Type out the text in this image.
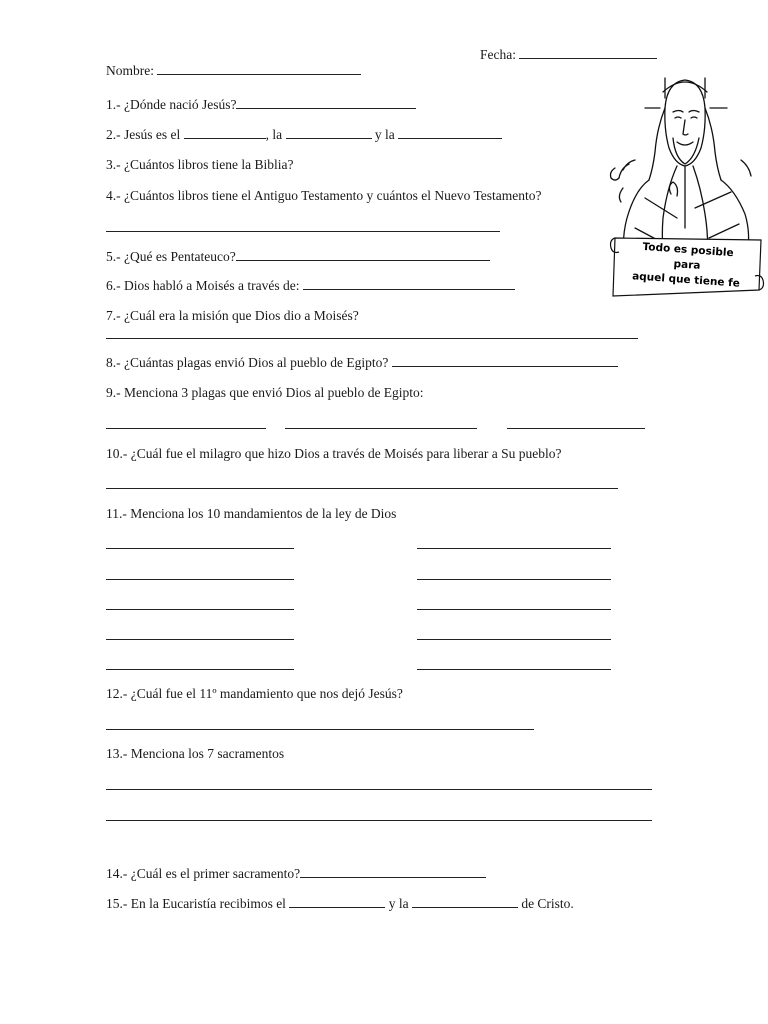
Fecha:
Nombre:
1.- ¿Dónde nació Jesús?
2.- Jesús es el	, la	y la
3.- ¿Cuántos libros tiene la Biblia?
4.- ¿Cuántos libros tiene el Antiguo Testamento y cuántos el Nuevo Testamento?
5.- ¿Qué es Pentateuco?
6.- Dios habló a Moisés a través de:
7.- ¿Cuál era la misión que Dios dio a Moisés?
8.- ¿Cuántas plagas envió Dios al pueblo de Egipto?
9.- Menciona 3 plagas que envió Dios al pueblo de Egipto:
10.- ¿Cuál fue el milagro que hizo Dios a través de Moisés para liberar a Su pueblo?
11.- Menciona los 10 mandamientos de la ley de Dios
12.- ¿Cuál fue el 11º mandamiento que nos dejó Jesús?
13.- Menciona los 7 sacramentos
14.- ¿Cuál es el primer sacramento?
15.- En la Eucaristía recibimos el	y la	de Cristo.
Todo es posible para
aquel que tiene fe
